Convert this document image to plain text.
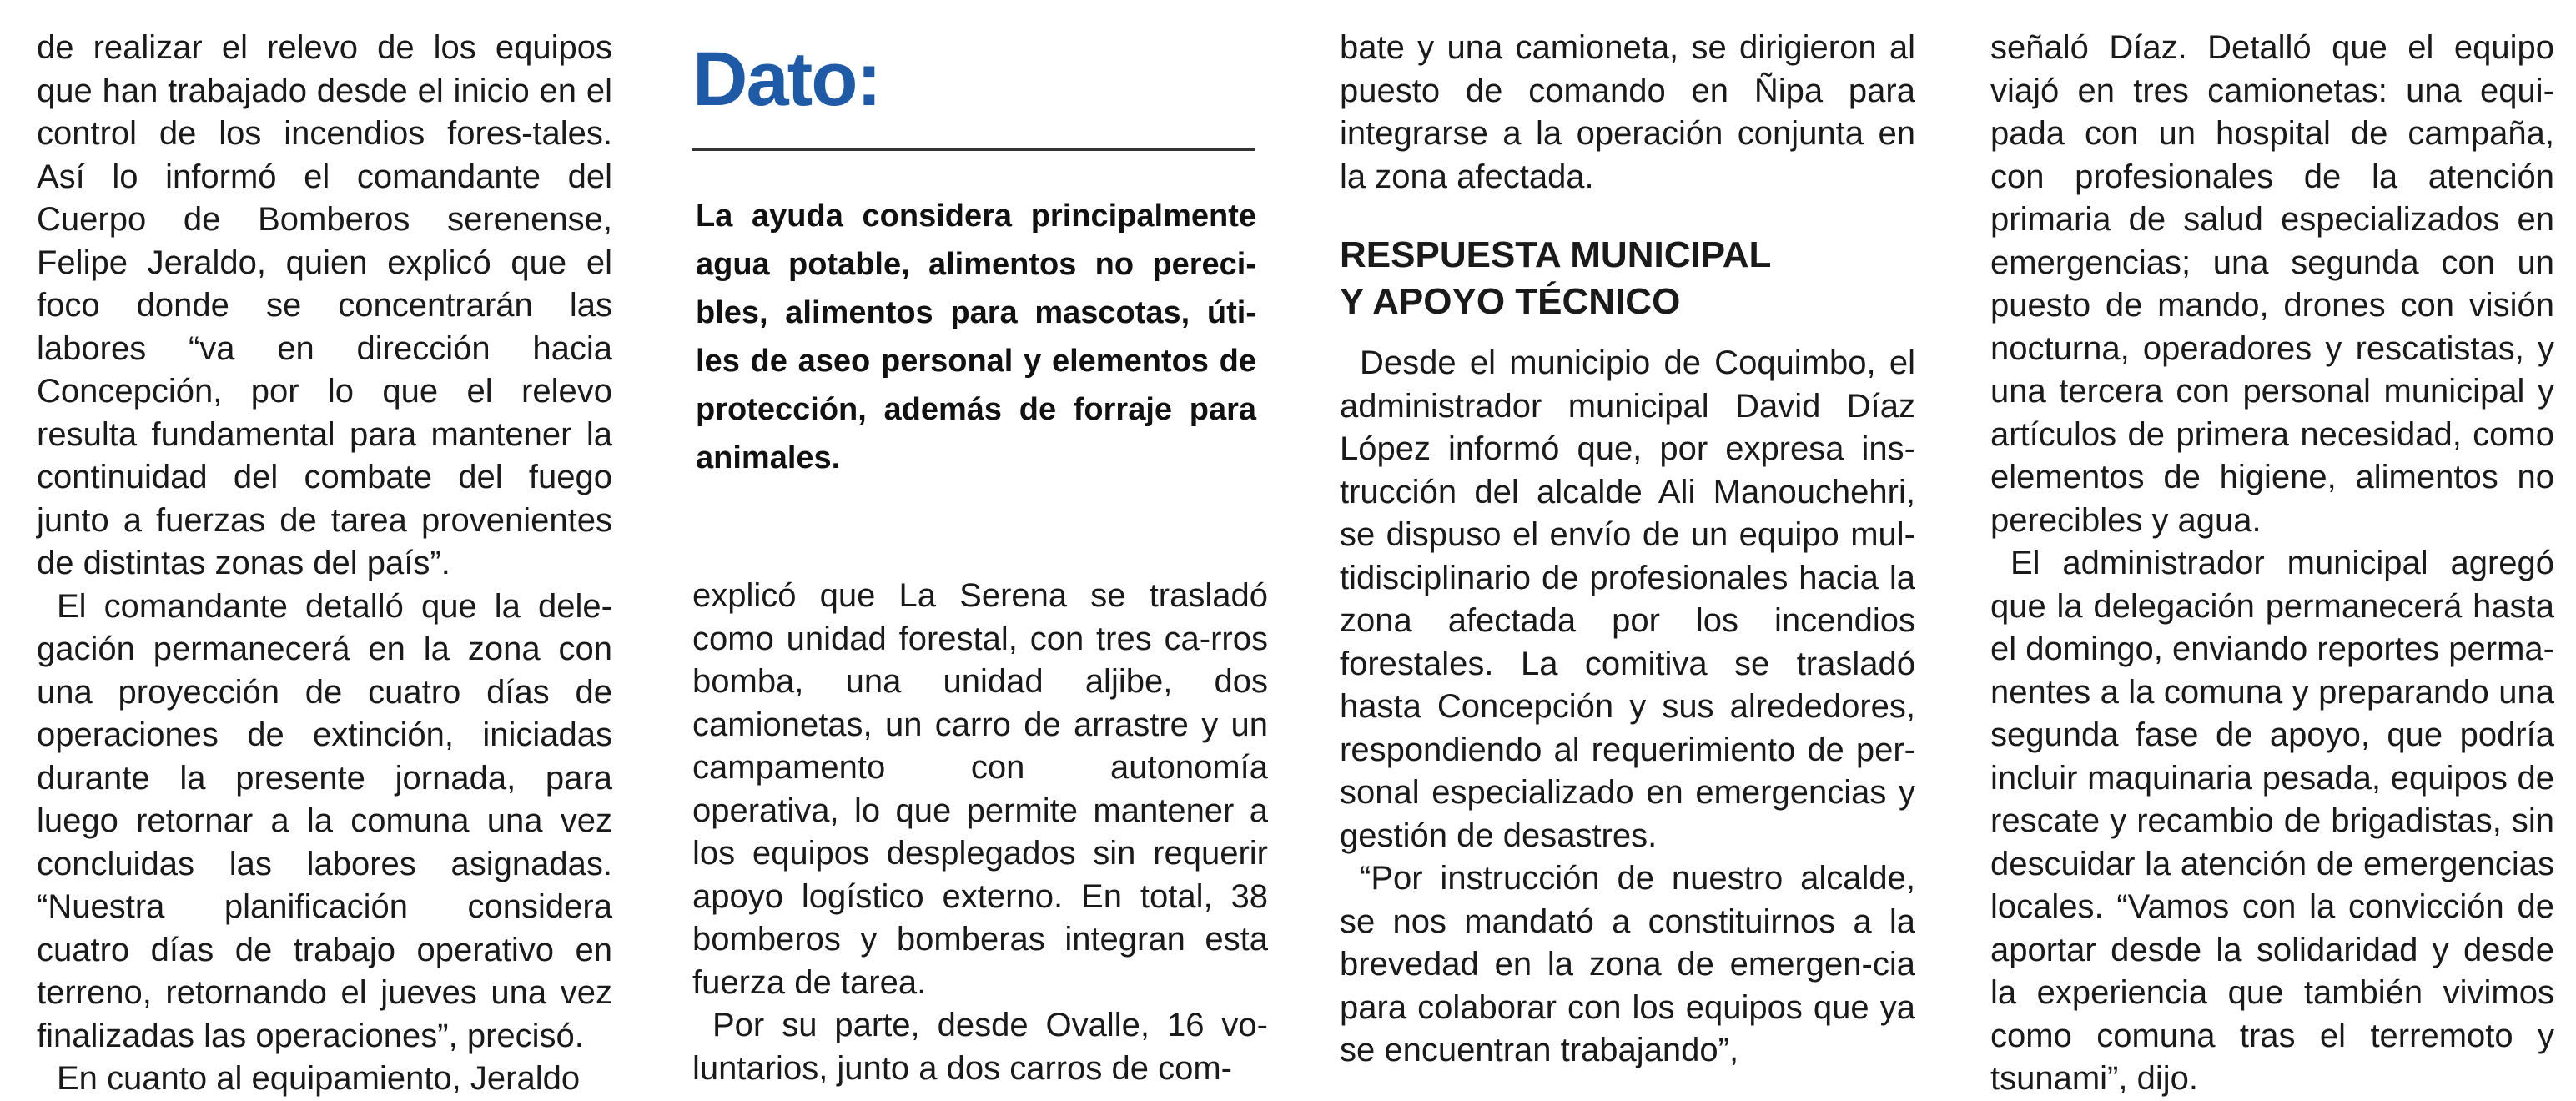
de realizar el relevo de los equipos que han trabajado desde el inicio en el control de los incendios fores-tales. Así lo informó el comandante del Cuerpo de Bomberos serenense, Felipe Jeraldo, quien explicó que el foco donde se concentrarán las labores “va en dirección hacia Concepción, por lo que el relevo resulta fundamental para mantener la continuidad del combate del fuego junto a fuerzas de tarea provenientes de distintas zonas del país”.

El comandante detalló que la dele-gación permanecerá en la zona con una proyección de cuatro días de operaciones de extinción, iniciadas durante la presente jornada, para luego retornar a la comuna una vez concluidas las labores asignadas. “Nuestra planificación considera cuatro días de trabajo operativo en terreno, retornando el jueves una vez finalizadas las operaciones”, precisó.

En cuanto al equipamiento, Jeraldo

Dato:

La ayuda considera principalmente agua potable, alimentos no pereci-bles, alimentos para mascotas, úti-les de aseo personal y elementos de protección, además de forraje para animales.

explicó que La Serena se trasladó como unidad forestal, con tres ca-rros bomba, una unidad aljibe, dos camionetas, un carro de arrastre y un campamento con autonomía operativa, lo que permite mantener a los equipos desplegados sin requerir apoyo logístico externo. En total, 38 bomberos y bomberas integran esta fuerza de tarea.

Por su parte, desde Ovalle, 16 vo-luntarios, junto a dos carros de com-

bate y una camioneta, se dirigieron al puesto de comando en Ñipa para integrarse a la operación conjunta en la zona afectada.

RESPUESTA MUNICIPAL
Y APOYO TÉCNICO

Desde el municipio de Coquimbo, el administrador municipal David Díaz López informó que, por expresa ins-trucción del alcalde Ali Manouchehri, se dispuso el envío de un equipo mul-tidisciplinario de profesionales hacia la zona afectada por los incendios forestales. La comitiva se trasladó hasta Concepción y sus alrededores, respondiendo al requerimiento de per-sonal especializado en emergencias y gestión de desastres.

“Por instrucción de nuestro alcalde, se nos mandató a constituirnos a la brevedad en la zona de emergen-cia para colaborar con los equipos que ya se encuentran trabajando”,

señaló Díaz. Detalló que el equipo viajó en tres camionetas: una equi-pada con un hospital de campaña, con profesionales de la atención primaria de salud especializados en emergencias; una segunda con un puesto de mando, drones con visión nocturna, operadores y rescatistas, y una tercera con personal municipal y artículos de primera necesidad, como elementos de higiene, alimentos no perecibles y agua.

El administrador municipal agregó que la delegación permanecerá hasta el domingo, enviando reportes perma-nentes a la comuna y preparando una segunda fase de apoyo, que podría incluir maquinaria pesada, equipos de rescate y recambio de brigadistas, sin descuidar la atención de emergencias locales. “Vamos con la convicción de aportar desde la solidaridad y desde la experiencia que también vivimos como comuna tras el terremoto y tsunami”, dijo.
